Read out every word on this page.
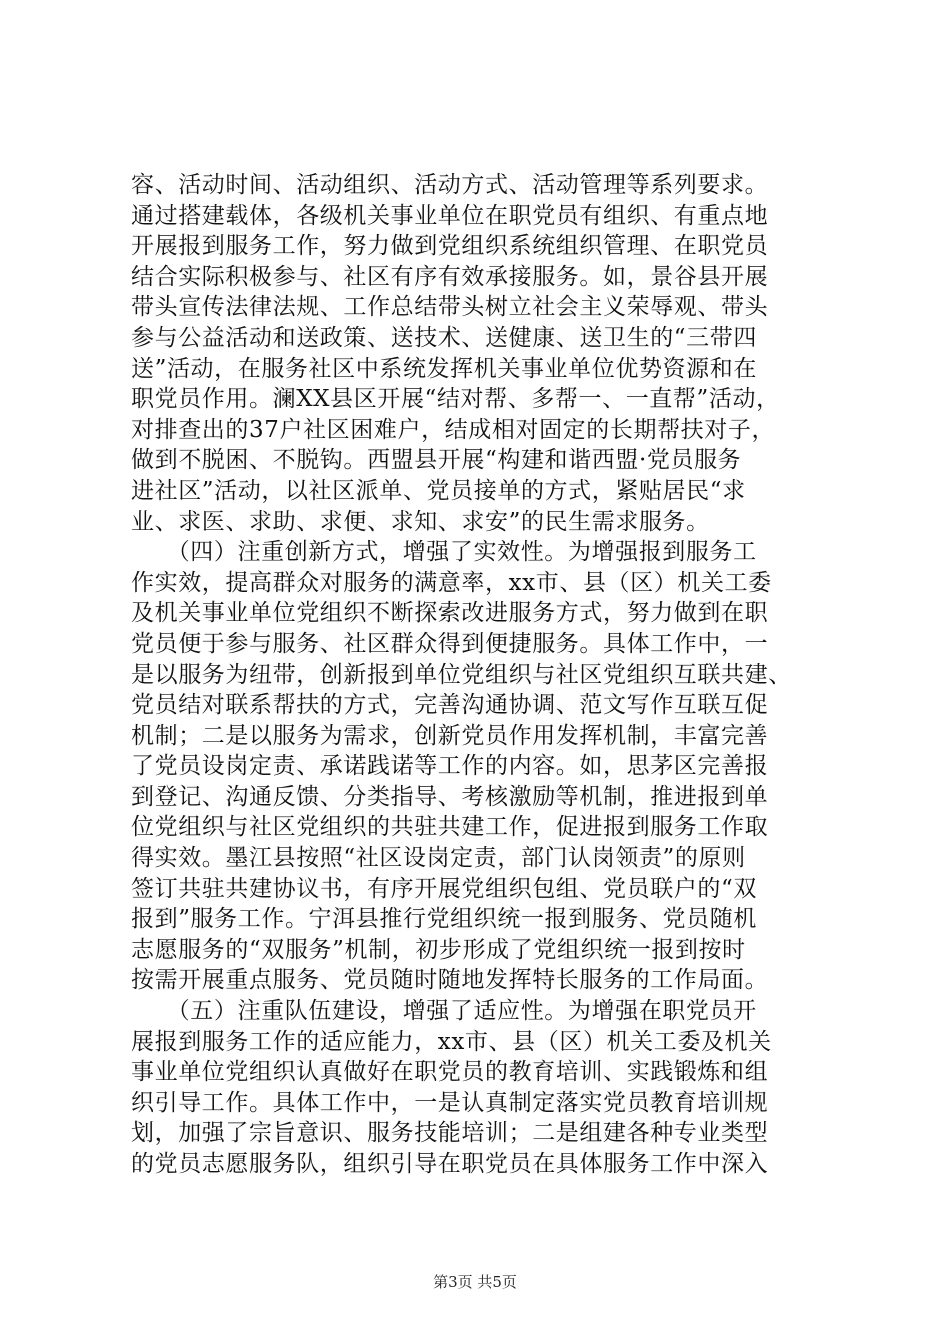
容、活动时间、活动组织、活动方式、活动管理等系列要求。
通过搭建载体，各级机关事业单位在职党员有组织、有重点地
开展报到服务工作，努力做到党组织系统组织管理、在职党员
结合实际积极参与、社区有序有效承接服务。如，景谷县开展
带头宣传法律法规、工作总结带头树立社会主义荣辱观、带头
参与公益活动和送政策、送技术、送健康、送卫生的“三带四
送”活动，在服务社区中系统发挥机关事业单位优势资源和在
职党员作用。澜XX县区开展“结对帮、多帮一、一直帮”活动，
对排查出的37户社区困难户，结成相对固定的长期帮扶对子，
做到不脱困、不脱钩。西盟县开展“构建和谐西盟·党员服务
进社区”活动，以社区派单、党员接单的方式，紧贴居民“求
业、求医、求助、求便、求知、求安”的民生需求服务。
　　（四）注重创新方式，增强了实效性。为增强报到服务工
作实效，提高群众对服务的满意率，xx市、县（区）机关工委
及机关事业单位党组织不断探索改进服务方式，努力做到在职
党员便于参与服务、社区群众得到便捷服务。具体工作中，一
是以服务为纽带，创新报到单位党组织与社区党组织互联共建、
党员结对联系帮扶的方式，完善沟通协调、范文写作互联互促
机制；二是以服务为需求，创新党员作用发挥机制，丰富完善
了党员设岗定责、承诺践诺等工作的内容。如，思茅区完善报
到登记、沟通反馈、分类指导、考核激励等机制，推进报到单
位党组织与社区党组织的共驻共建工作，促进报到服务工作取
得实效。墨江县按照“社区设岗定责，部门认岗领责”的原则
签订共驻共建协议书，有序开展党组织包组、党员联户的“双
报到”服务工作。宁洱县推行党组织统一报到服务、党员随机
志愿服务的“双服务”机制，初步形成了党组织统一报到按时
按需开展重点服务、党员随时随地发挥特长服务的工作局面。
　　（五）注重队伍建设，增强了适应性。为增强在职党员开
展报到服务工作的适应能力，xx市、县（区）机关工委及机关
事业单位党组织认真做好在职党员的教育培训、实践锻炼和组
织引导工作。具体工作中，一是认真制定落实党员教育培训规
划，加强了宗旨意识、服务技能培训；二是组建各种专业类型
的党员志愿服务队，组织引导在职党员在具体服务工作中深入
第3页 共5页
